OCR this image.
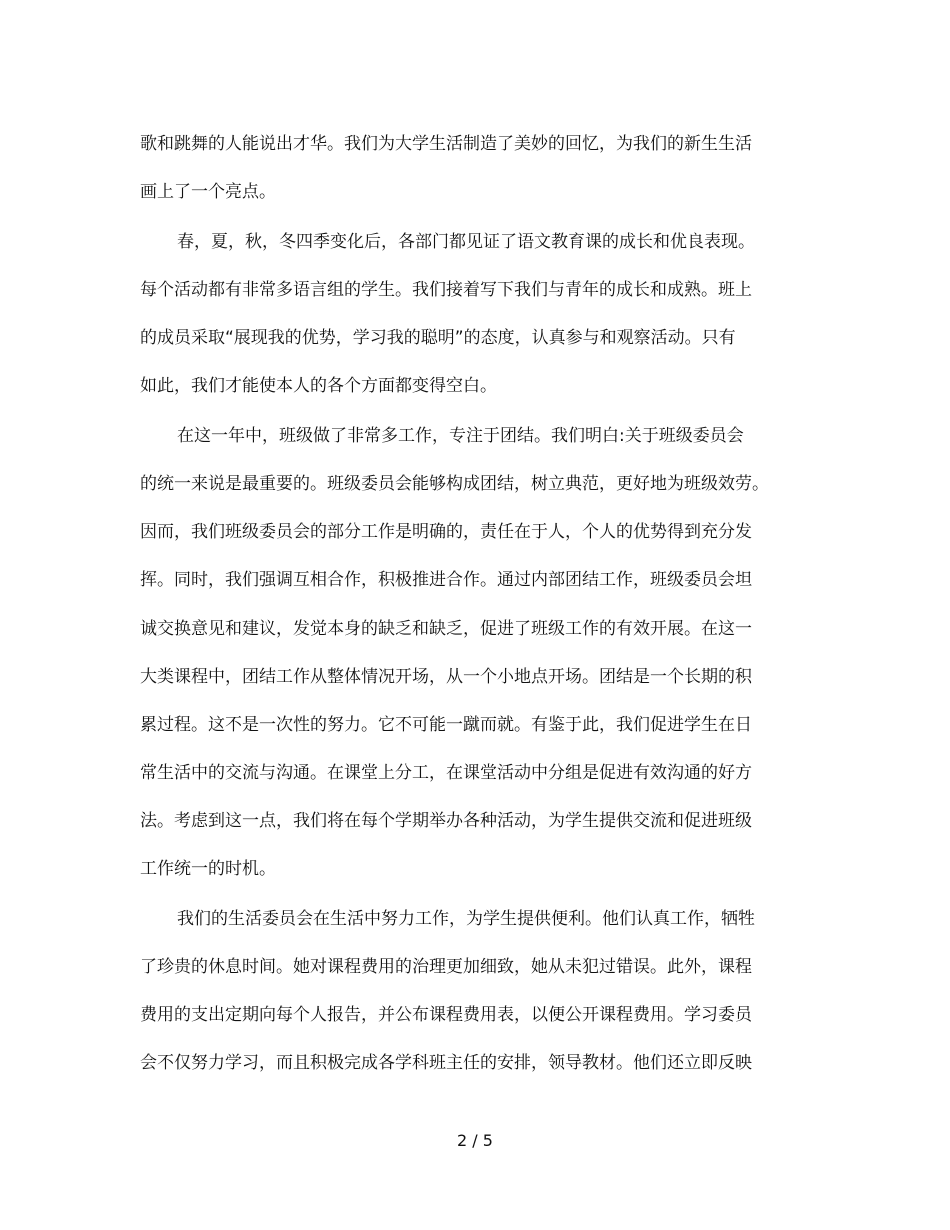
歌和跳舞的人能说出才华。我们为大学生活制造了美妙的回忆，为我们的新生生活
画上了一个亮点。
春，夏，秋，冬四季变化后，各部门都见证了语文教育课的成长和优良表现。
每个活动都有非常多语言组的学生。我们接着写下我们与青年的成长和成熟。班上
的成员采取“展现我的优势，学习我的聪明”的态度，认真参与和观察活动。只有
如此，我们才能使本人的各个方面都变得空白。
在这一年中，班级做了非常多工作，专注于团结。我们明白:关于班级委员会
的统一来说是最重要的。班级委员会能够构成团结，树立典范，更好地为班级效劳。
因而，我们班级委员会的部分工作是明确的，责任在于人，个人的优势得到充分发
挥。同时，我们强调互相合作，积极推进合作。通过内部团结工作，班级委员会坦
诚交换意见和建议，发觉本身的缺乏和缺乏，促进了班级工作的有效开展。在这一
大类课程中，团结工作从整体情况开场，从一个小地点开场。团结是一个长期的积
累过程。这不是一次性的努力。它不可能一蹴而就。有鉴于此，我们促进学生在日
常生活中的交流与沟通。在课堂上分工，在课堂活动中分组是促进有效沟通的好方
法。考虑到这一点，我们将在每个学期举办各种活动，为学生提供交流和促进班级
工作统一的时机。
我们的生活委员会在生活中努力工作，为学生提供便利。他们认真工作，牺牲
了珍贵的休息时间。她对课程费用的治理更加细致，她从未犯过错误。此外，课程
费用的支出定期向每个人报告，并公布课程费用表，以便公开课程费用。学习委员
会不仅努力学习，而且积极完成各学科班主任的安排，领导教材。他们还立即反映
2 / 5
